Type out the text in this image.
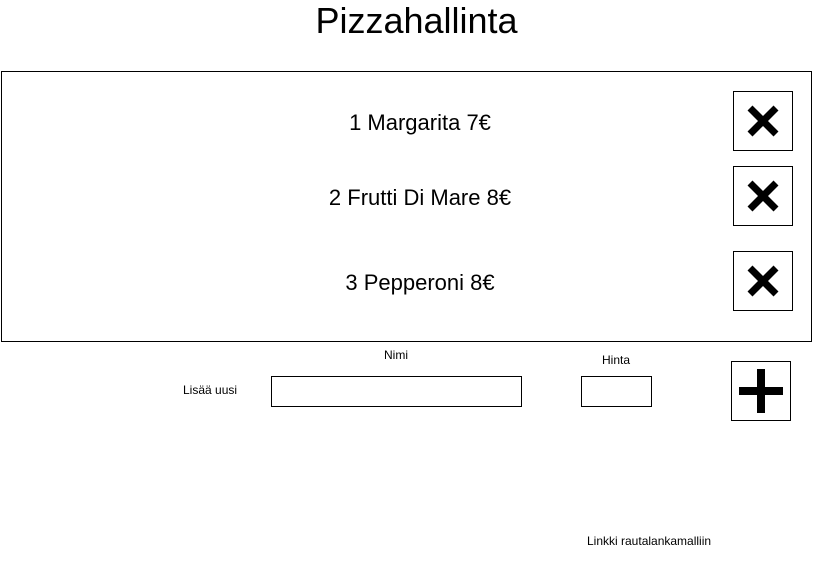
Pizzahallinta
1 Margarita 7€
2 Frutti Di Mare 8€
3 Pepperoni 8€
Nimi	Hinta
Lisää uusi
Linkki rautalankamalliin
